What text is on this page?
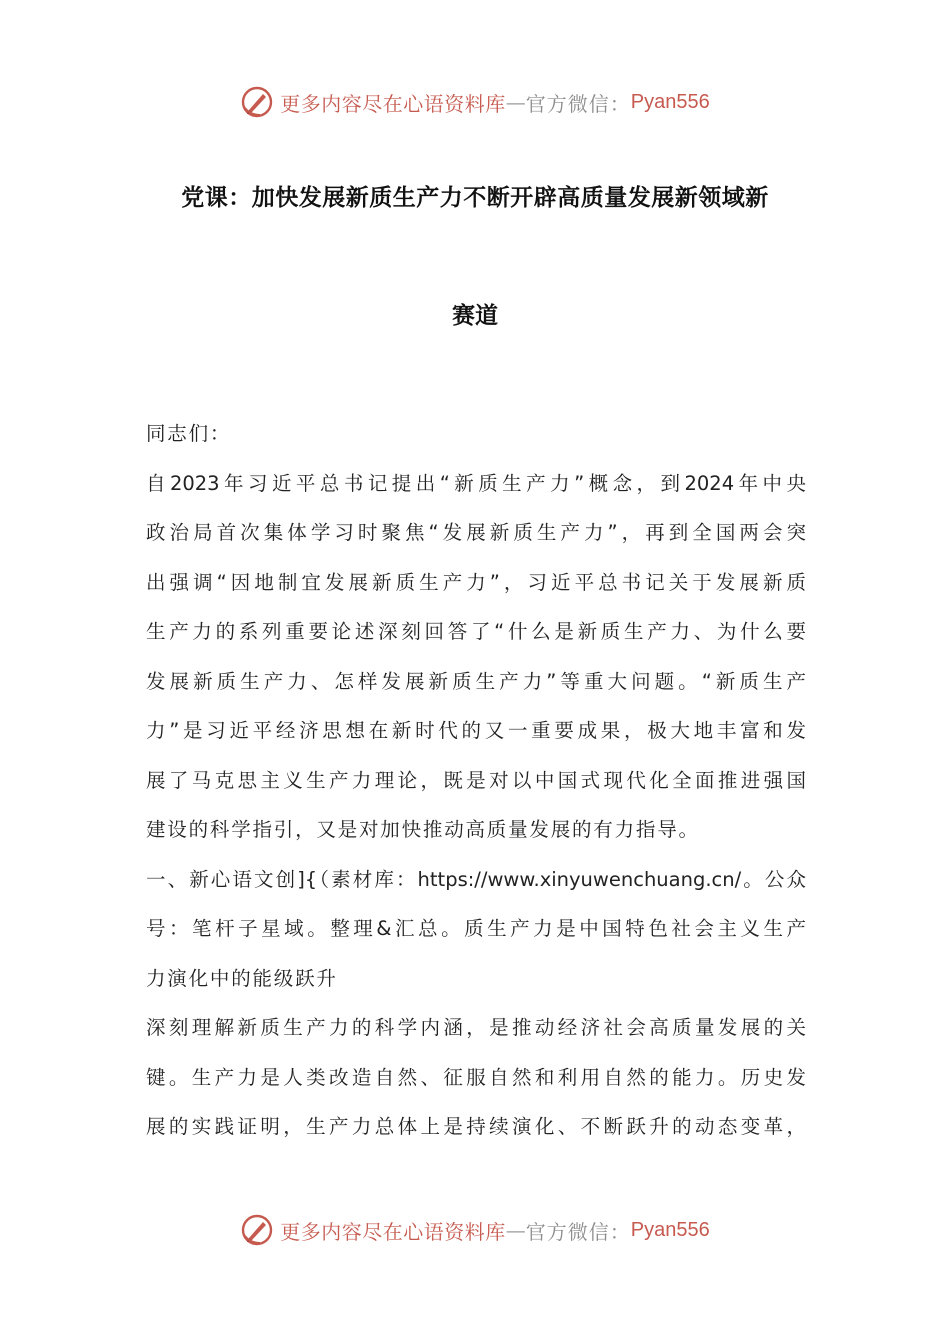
更多内容尽在心语资料库 — 官方微信： Pyan556
党课：加快发展新质生产力不断开辟高质量发展新领域新
赛道
同志们：
自2023年习近平总书记提出“新质生产力”概念，到2024年中央
政治局首次集体学习时聚焦“发展新质生产力”，再到全国两会突
出强调“因地制宜发展新质生产力”，习近平总书记关于发展新质
生产力的系列重要论述深刻回答了“什么是新质生产力、为什么要
发展新质生产力、怎样发展新质生产力”等重大问题。“新质生产
力”是习近平经济思想在新时代的又一重要成果，极大地丰富和发
展了马克思主义生产力理论，既是对以中国式现代化全面推进强国
建设的科学指引，又是对加快推动高质量发展的有力指导。
一、新心语文创]{（素材库：https://www.xinyuwenchuang.cn/。公众
号：笔杆子星域。整理&汇总。质生产力是中国特色社会主义生产
力演化中的能级跃升
深刻理解新质生产力的科学内涵，是推动经济社会高质量发展的关
键。生产力是人类改造自然、征服自然和利用自然的能力。历史发
展的实践证明，生产力总体上是持续演化、不断跃升的动态变革，
更多内容尽在心语资料库 — 官方微信： Pyan556
